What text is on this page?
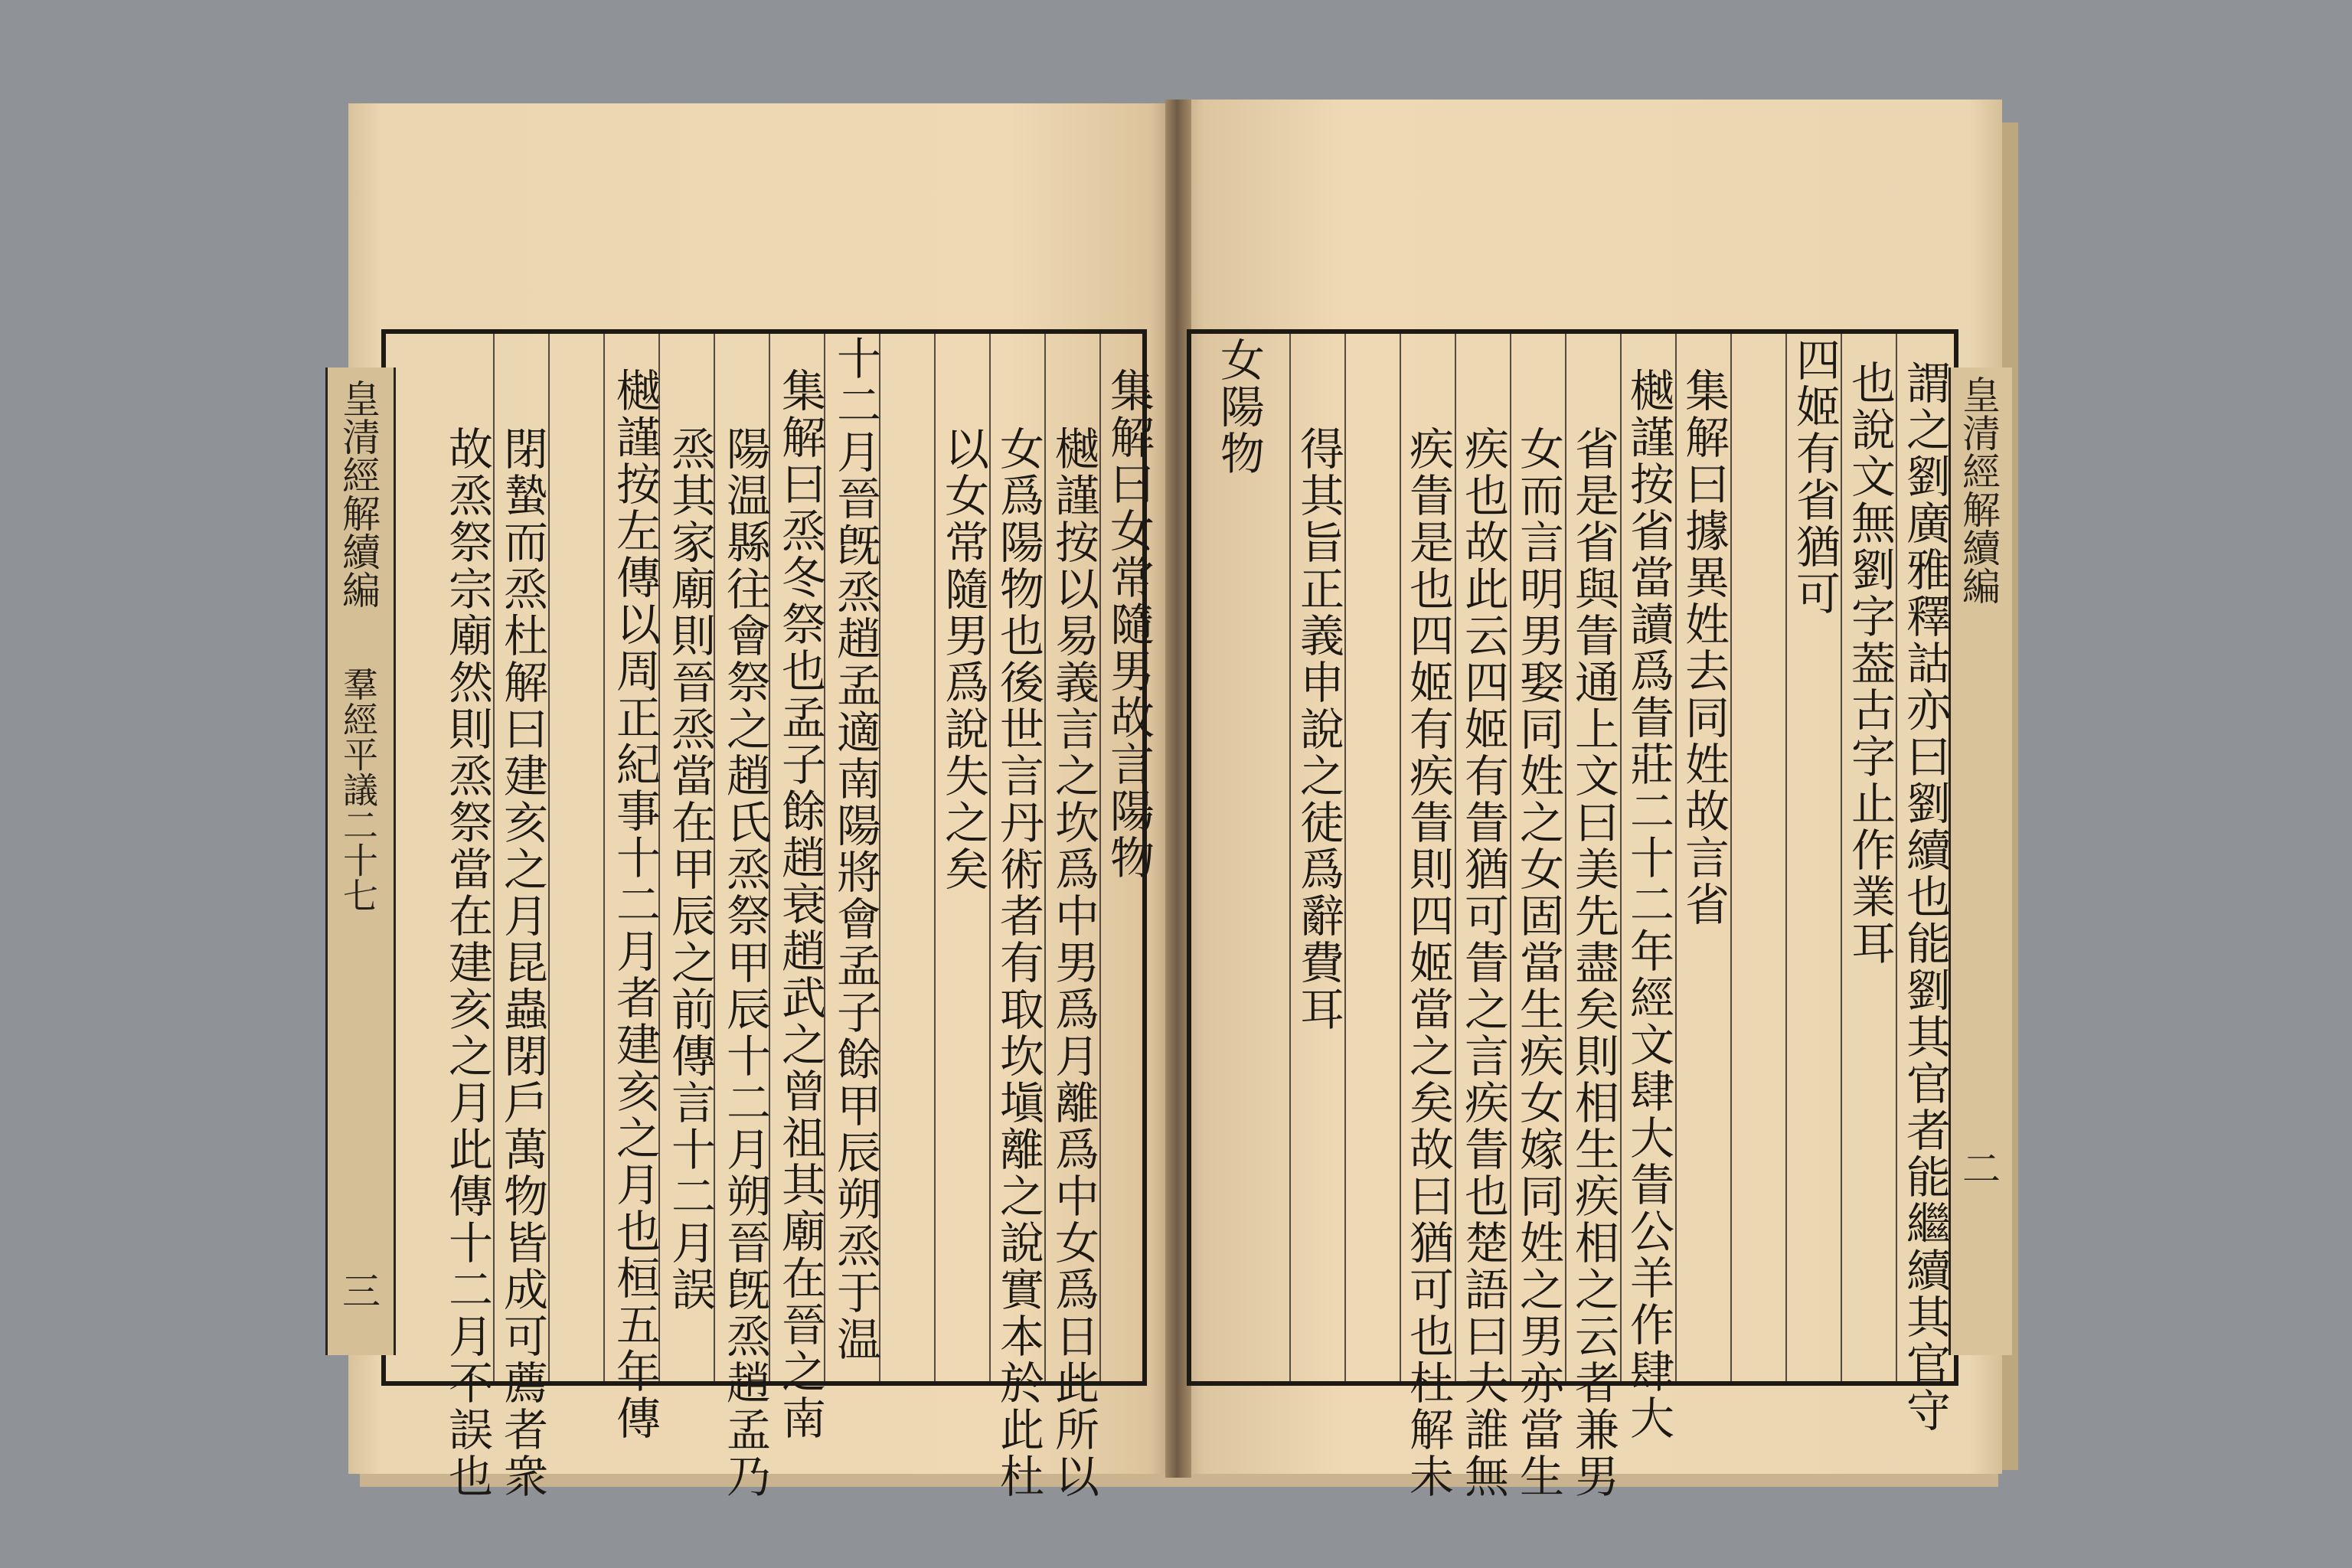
皇清經解續編
羣經平議二十七
三
集解曰女常隨男故言陽物
樾謹按以易義言之坎爲中男爲月離爲中女爲日此所以
女爲陽物也後世言丹術者有取坎塡離之說實本於此杜
以女常隨男爲說失之矣
十二月晉旣烝趙孟適南陽將會孟子餘甲辰朔烝于温
集解曰烝冬祭也孟子餘趙衰趙武之曾祖其廟在晉之南
陽温縣往會祭之趙氏烝祭甲辰十二月朔晉旣烝趙孟乃
烝其家廟則晉烝當在甲辰之前傳言十二月誤
樾謹按左傳以周正紀事十二月者建亥之月也桓五年傳
閉蟄而烝杜解曰建亥之月昆蟲閉戶萬物皆成可薦者衆
故烝祭宗廟然則烝祭當在建亥之月此傳十二月不誤也	皇清經解續編
二
謂之劉廣雅釋詁亦曰劉續也能劉其官者能繼續其官守
也說文無劉字葢古字止作業耳
四姬有省猶可
集解曰據異姓去同姓故言省
樾謹按省當讀爲眚莊二十二年經文肆大眚公羊作肆大
省是省與眚通上文曰美先盡矣則相生疾相之云者兼男
女而言明男娶同姓之女固當生疾女嫁同姓之男亦當生
疾也故此云四姬有眚猶可眚之言疾眚也楚語曰夫誰無
疾眚是也四姬有疾眚則四姬當之矣故曰猶可也杜解未
得其旨正義申說之徒爲辭費耳
女陽物
